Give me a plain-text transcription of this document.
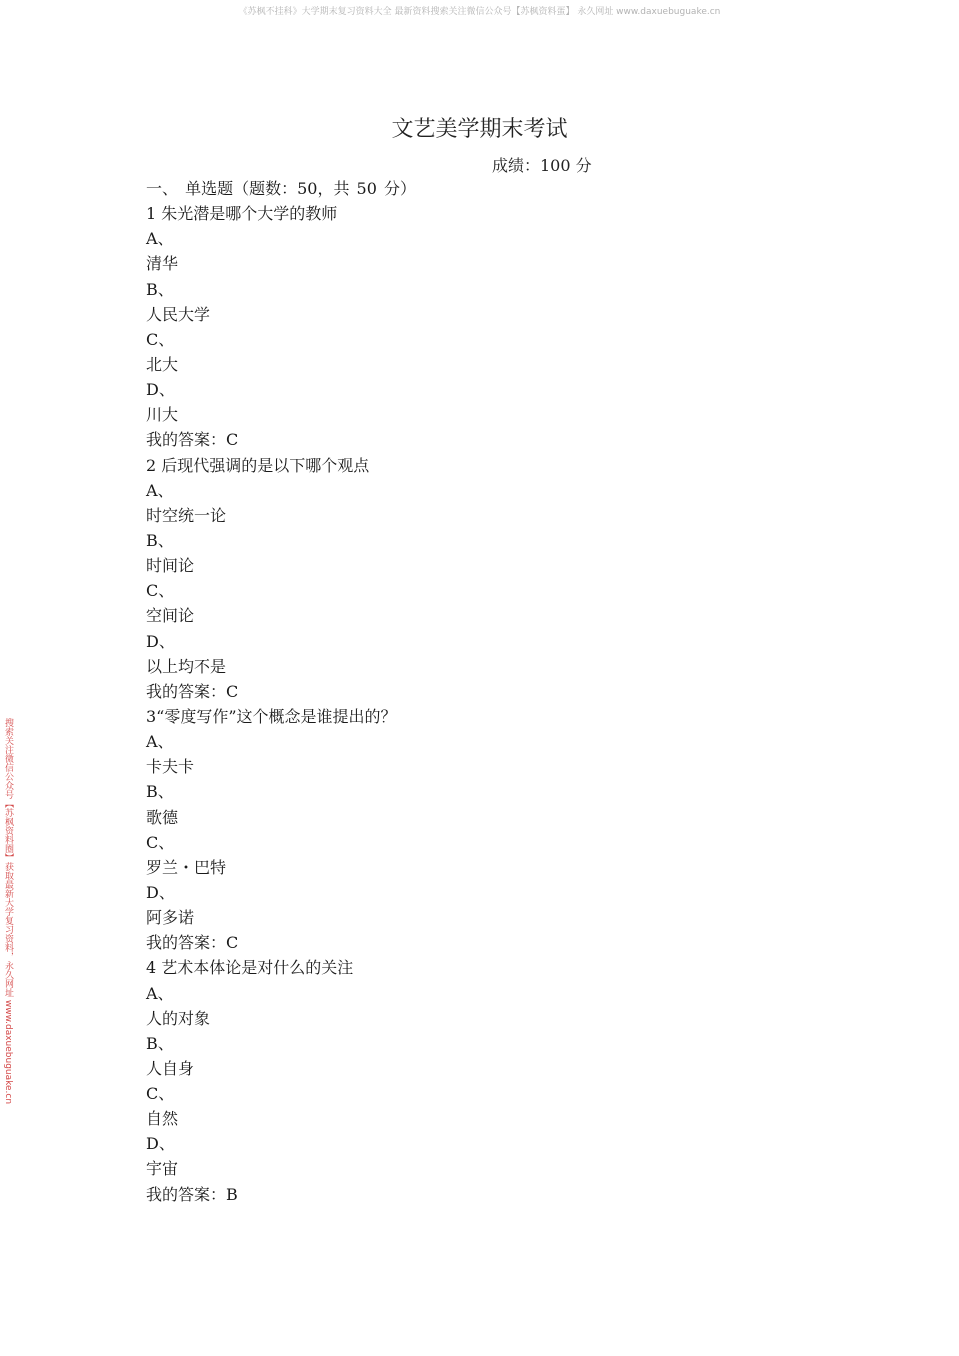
《苏枫不挂科》大学期末复习资料大全 最新资料搜索关注微信公众号【苏枫资料蛋】 永久网址 www.daxuebuguake.cn
搜索关注微信公众号【苏枫资料圈】获取最新大学复习资料，永久网址 www.daxuebuguake.cn
文艺美学期末考试
成绩：100 分
一、 单选题（题数：50，共 50 分）
1 朱光潜是哪个大学的教师
A、
清华
B、
人民大学
C、
北大
D、
川大
我的答案：C
2 后现代强调的是以下哪个观点
A、
时空统一论
B、
时间论
C、
空间论
D、
以上均不是
我的答案：C
3“零度写作”这个概念是谁提出的？
A、
卡夫卡
B、
歌德
C、
罗兰・巴特
D、
阿多诺
我的答案：C
4 艺术本体论是对什么的关注
A、
人的对象
B、
人自身
C、
自然
D、
宇宙
我的答案：B
